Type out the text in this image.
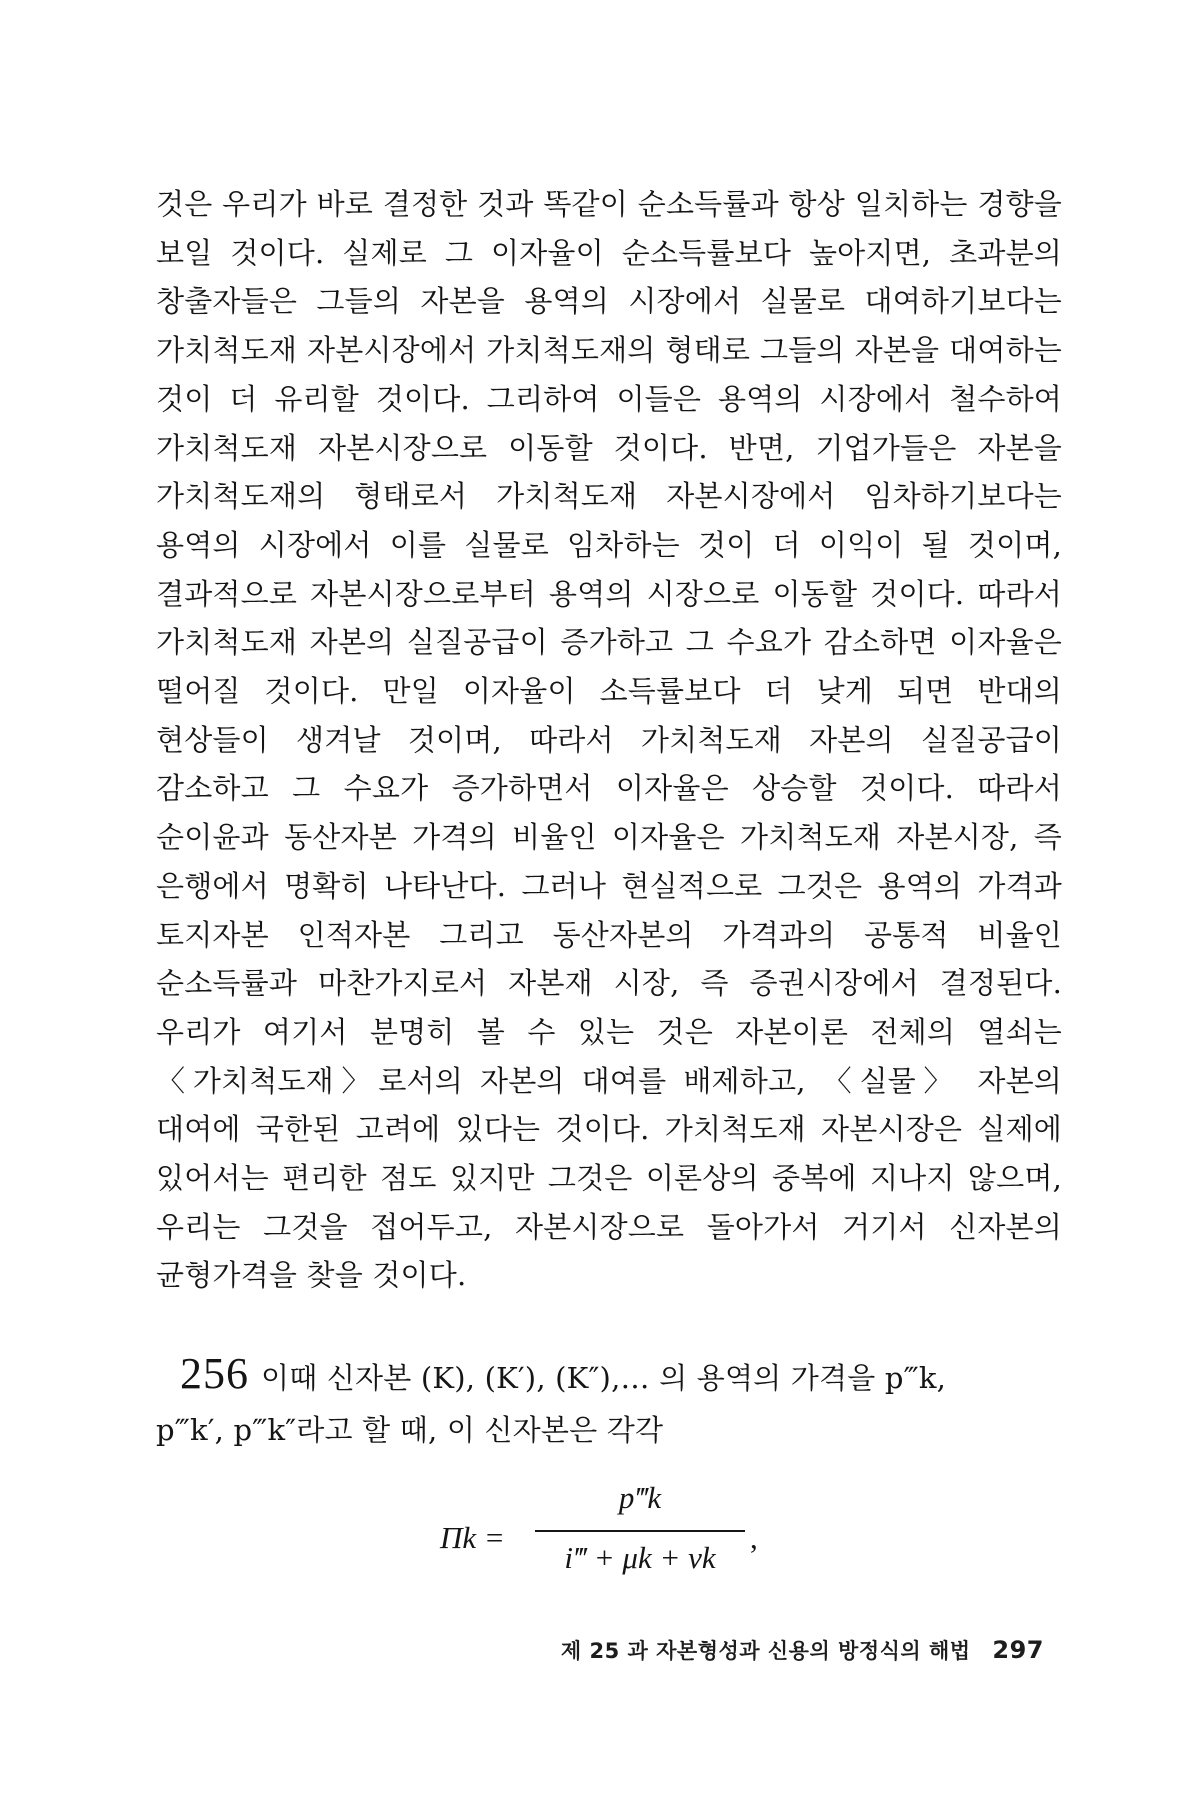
것은 우리가 바로 결정한 것과 똑같이 순소득률과 항상 일치하는 경향을 보일 것이다. 실제로 그 이자율이 순소득률보다 높아지면, 초과분의 창출자들은 그들의 자본을 용역의 시장에서 실물로 대여하기보다는 가치척도재 자본시장에서 가치척도재의 형태로 그들의 자본을 대여하는 것이 더 유리할 것이다. 그리하여 이들은 용역의 시장에서 철수하여 가치척도재 자본시장으로 이동할 것이다. 반면, 기업가들은 자본을 가치척도재의 형태로서 가치척도재 자본시장에서 임차하기보다는 용역의 시장에서 이를 실물로 임차하는 것이 더 이익이 될 것이며, 결과적으로 자본시장으로부터 용역의 시장으로 이동할 것이다. 따라서 가치척도재 자본의 실질공급이 증가하고 그 수요가 감소하면 이자율은 떨어질 것이다. 만일 이자율이 소득률보다 더 낮게 되면 반대의 현상들이 생겨날 것이며, 따라서 가치척도재 자본의 실질공급이 감소하고 그 수요가 증가하면서 이자율은 상승할 것이다. 따라서 순이윤과 동산자본 가격의 비율인 이자율은 가치척도재 자본시장, 즉 은행에서 명확히 나타난다. 그러나 현실적으로 그것은 용역의 가격과 토지자본 인적자본 그리고 동산자본의 가격과의 공통적 비율인 순소득률과 마찬가지로서 자본재 시장, 즉 증권시장에서 결정된다. 우리가 여기서 분명히 볼 수 있는 것은 자본이론 전체의 열쇠는 〈가치척도재〉로서의 자본의 대여를 배제하고, 〈실물〉 자본의 대여에 국한된 고려에 있다는 것이다. 가치척도재 자본시장은 실제에 있어서는 편리한 점도 있지만 그것은 이론상의 중복에 지나지 않으며, 우리는 그것을 접어두고, 자본시장으로 돌아가서 거기서 신자본의 균형가격을 찾을 것이다.

256 이때 신자본 (K), (K′), (K″),… 의 용역의 가격을 p‴k,

p‴k′, p‴k″라고 할 때, 이 신자본은 각각

Πk =
p‴k
i‴ + μk + νk
,
제 25 과 자본형성과 신용의 방정식의 해법 297
